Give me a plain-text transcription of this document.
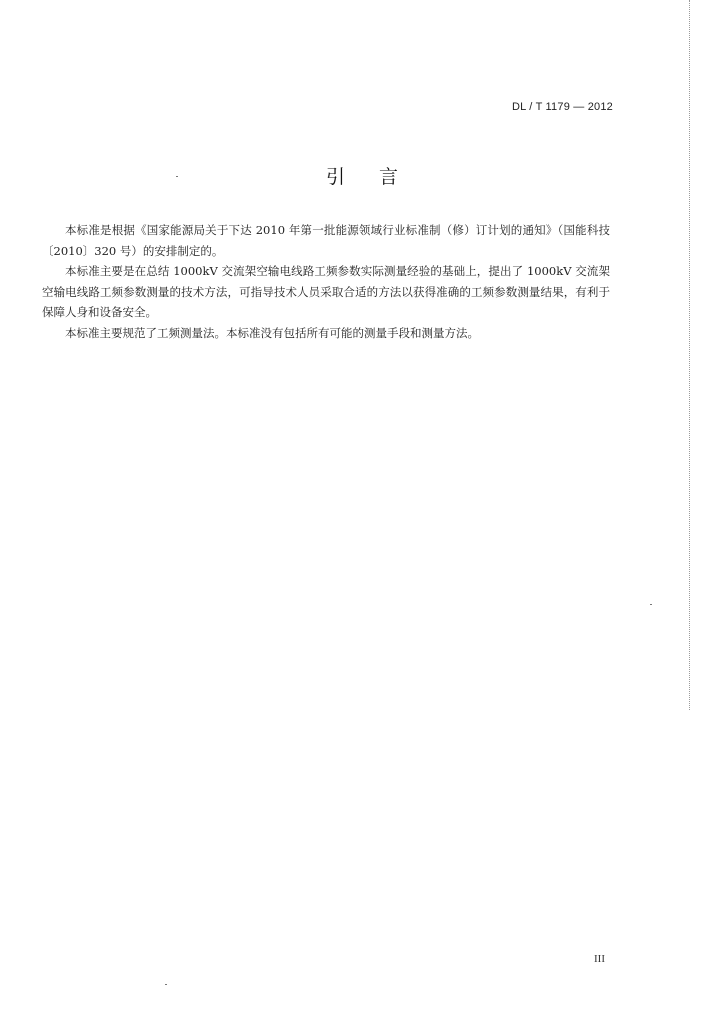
DL / T 1179 — 2012
引言

本标准是根据《国家能源局关于下达 2010 年第一批能源领域行业标准制（修）订计划的通知》（国能科技〔2010〕320 号）的安排制定的。

本标准主要是在总结 1000kV 交流架空输电线路工频参数实际测量经验的基础上，提出了 1000kV 交流架空输电线路工频参数测量的技术方法，可指导技术人员采取合适的方法以获得准确的工频参数测量结果，有利于保障人身和设备安全。

本标准主要规范了工频测量法。本标准没有包括所有可能的测量手段和测量方法。

III
